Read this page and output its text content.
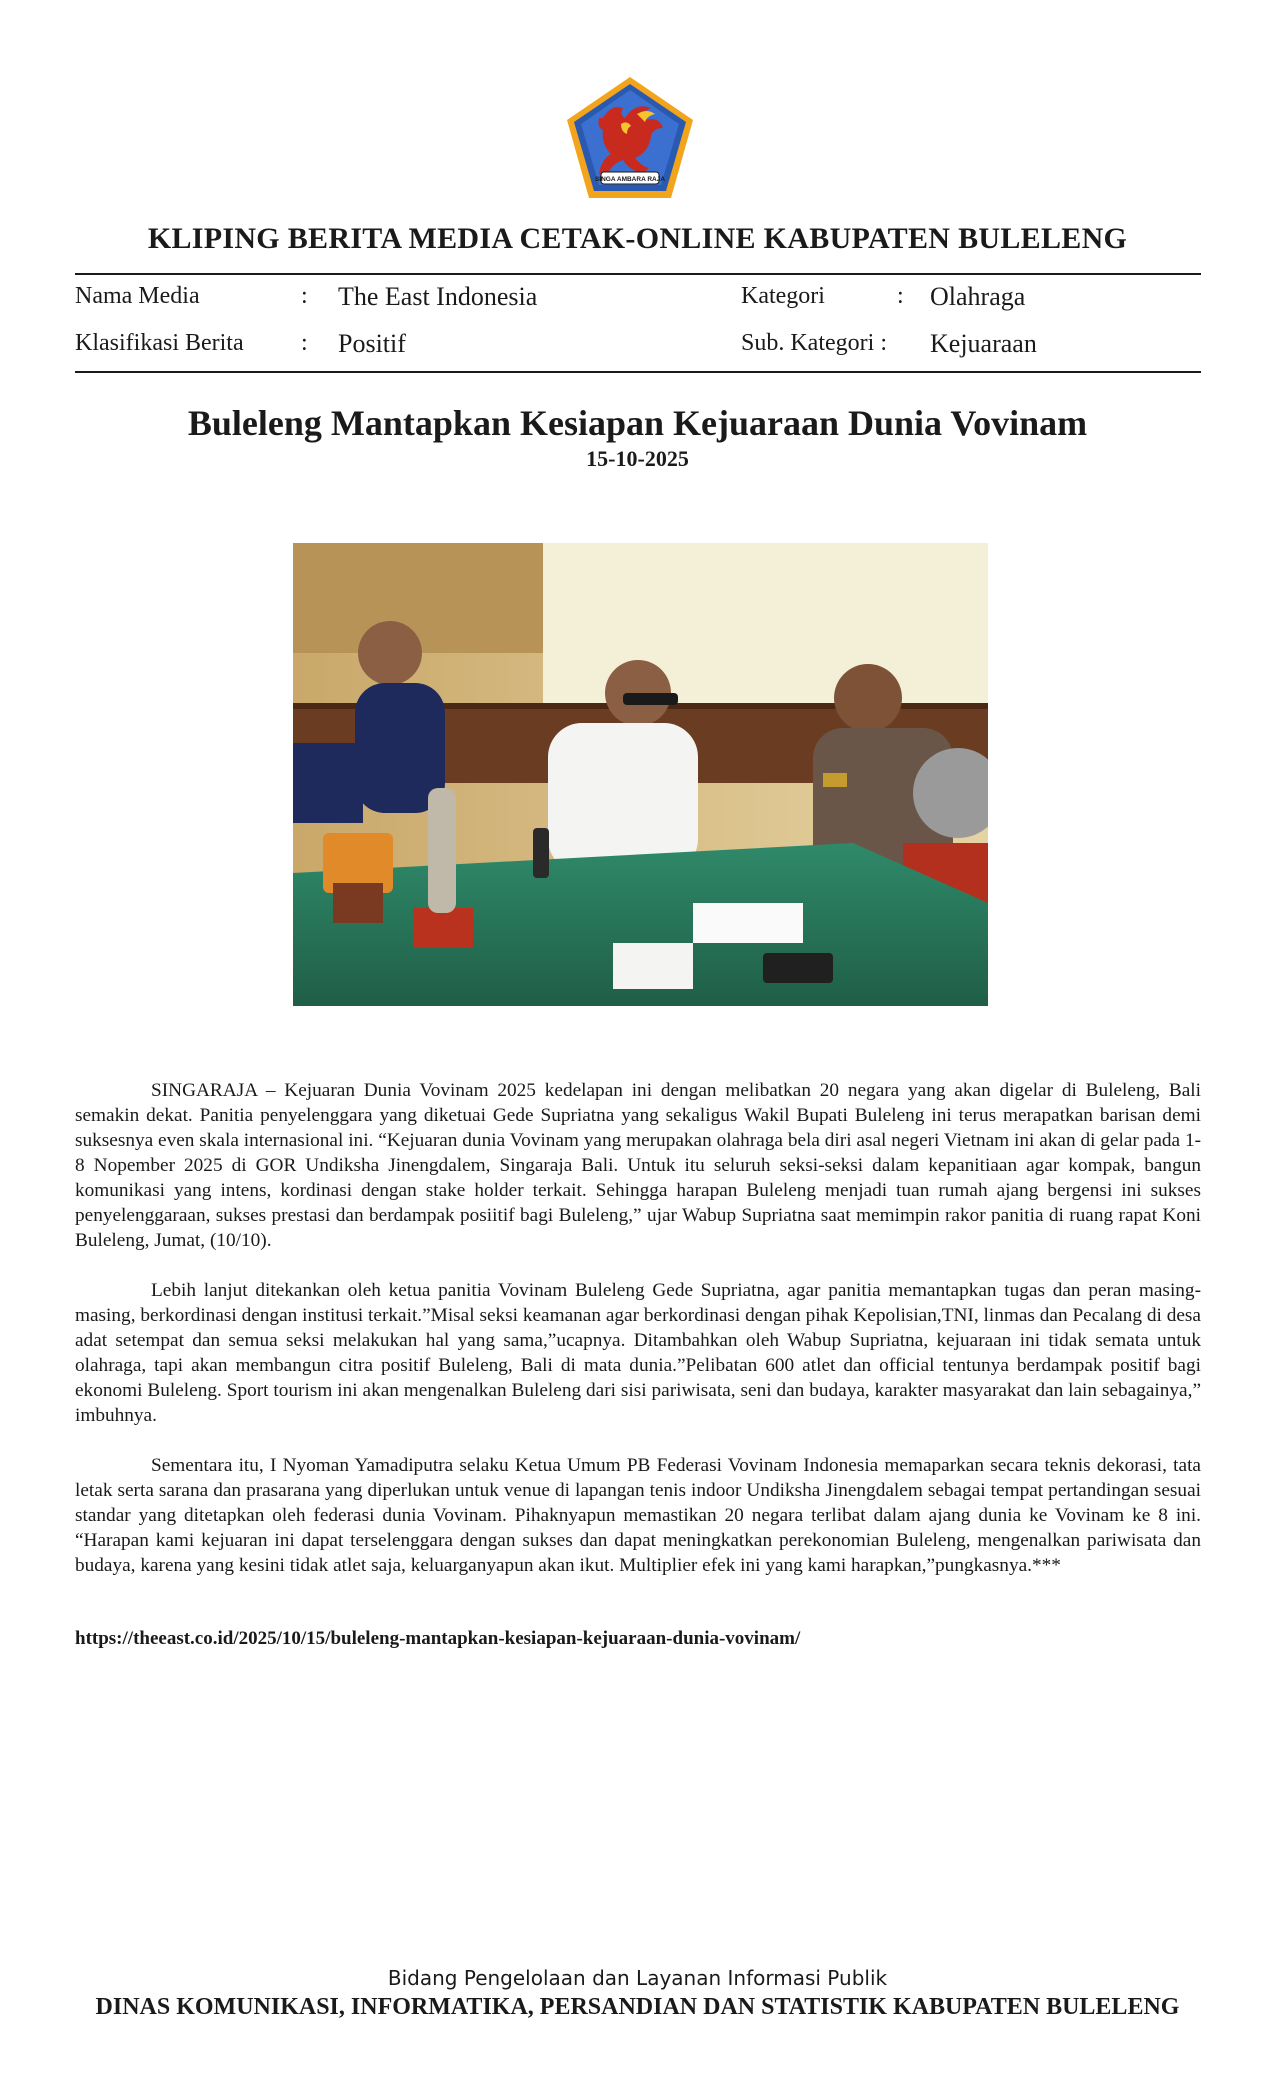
SINGA AMBARA RAJA
KLIPING BERITA MEDIA CETAK-ONLINE KABUPATEN BULELENG
Nama Media	: The East Indonesia
Klasifikasi Berita : Positif
Kategori	: Olahraga
Sub. Kategori : Kejuaraan
Buleleng Mantapkan Kesiapan Kejuaraan Dunia Vovinam
15-10-2025

SINGARAJA – Kejuaran Dunia Vovinam 2025 kedelapan ini dengan melibatkan 20 negara yang akan digelar di Buleleng, Bali semakin dekat. Panitia penyelenggara yang diketuai Gede Supriatna yang sekaligus Wakil Bupati Buleleng ini terus merapatkan barisan demi suksesnya even skala internasional ini. “Kejuaran dunia Vovinam yang merupakan olahraga bela diri asal negeri Vietnam ini akan di gelar pada 1-8 Nopember 2025 di GOR Undiksha Jinengdalem, Singaraja Bali. Untuk itu seluruh seksi-seksi dalam kepanitiaan agar kompak, bangun komunikasi yang intens, kordinasi dengan stake holder terkait. Sehingga harapan Buleleng menjadi tuan rumah ajang bergensi ini sukses penyelenggaraan, sukses prestasi dan berdampak posiitif bagi Buleleng,” ujar Wabup Supriatna saat memimpin rakor panitia di ruang rapat Koni Buleleng, Jumat, (10/10).

Lebih lanjut ditekankan oleh ketua panitia Vovinam Buleleng Gede Supriatna, agar panitia memantapkan tugas dan peran masing-masing, berkordinasi dengan institusi terkait.”Misal seksi keamanan agar berkordinasi dengan pihak Kepolisian,TNI, linmas dan Pecalang di desa adat setempat dan semua seksi melakukan hal yang sama,”ucapnya. Ditambahkan oleh Wabup Supriatna, kejuaraan ini tidak semata untuk olahraga, tapi akan membangun citra positif Buleleng, Bali di mata dunia.”Pelibatan 600 atlet dan official tentunya berdampak positif bagi ekonomi Buleleng. Sport tourism ini akan mengenalkan Buleleng dari sisi pariwisata, seni dan budaya, karakter masyarakat dan lain sebagainya,” imbuhnya.

Sementara itu, I Nyoman Yamadiputra selaku Ketua Umum PB Federasi Vovinam Indonesia memaparkan secara teknis dekorasi, tata letak serta sarana dan prasarana yang diperlukan untuk venue di lapangan tenis indoor Undiksha Jinengdalem sebagai tempat pertandingan sesuai standar yang ditetapkan oleh federasi dunia Vovinam. Pihaknyapun memastikan 20 negara terlibat dalam ajang dunia ke Vovinam ke 8 ini. “Harapan kami kejuaran ini dapat terselenggara dengan sukses dan dapat meningkatkan perekonomian Buleleng, mengenalkan pariwisata dan budaya, karena yang kesini tidak atlet saja, keluarganyapun akan ikut. Multiplier efek ini yang kami harapkan,”pungkasnya.***

https://theeast.co.id/2025/10/15/buleleng-mantapkan-kesiapan-kejuaraan-dunia-vovinam/
Bidang Pengelolaan dan Layanan Informasi Publik
DINAS KOMUNIKASI, INFORMATIKA, PERSANDIAN DAN STATISTIK KABUPATEN BULELENG
